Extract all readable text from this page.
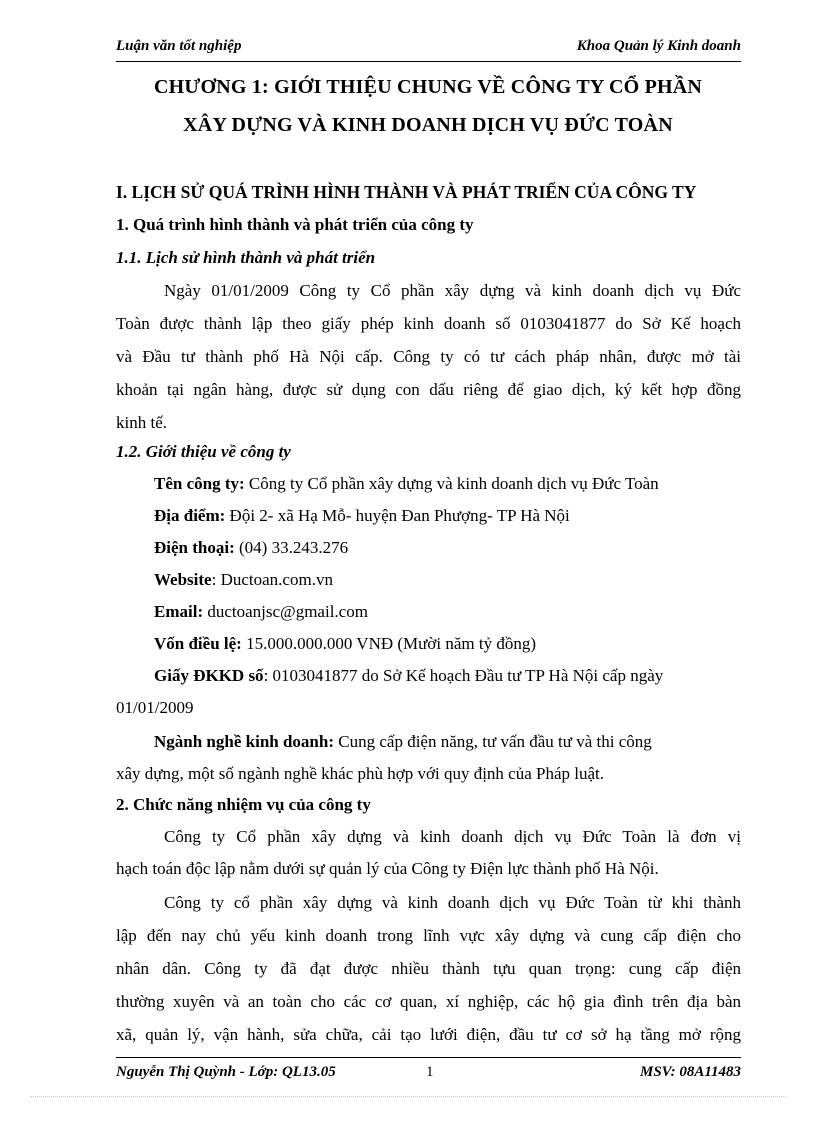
Luận văn tốt nghiệp	Khoa Quản lý Kinh doanh
CHƯƠNG 1: GIỚI THIỆU CHUNG VỀ CÔNG TY CỔ PHẦN
XÂY DỰNG VÀ KINH DOANH DỊCH VỤ ĐỨC TOÀN
I. LỊCH SỬ QUÁ TRÌNH HÌNH THÀNH VÀ PHÁT TRIỂN CỦA CÔNG TY
1. Quá trình hình thành và phát triển của công ty
1.1. Lịch sử hình thành và phát triển
Ngày 01/01/2009 Công ty Cổ phần xây dựng và kinh doanh dịch vụ Đức
Toàn được thành lập theo giấy phép kinh doanh số 0103041877 do Sở Kế hoạch
và Đầu tư thành phố Hà Nội cấp. Công ty có tư cách pháp nhân, được mở tài
khoản tại ngân hàng, được sử dụng con dấu riêng để giao dịch, ký kết hợp đồng
kinh tế.
1.2. Giới thiệu về công ty
Tên công ty: Công ty Cổ phần xây dựng và kinh doanh dịch vụ Đức Toàn
Địa điểm: Đội 2- xã Hạ Mỗ- huyện Đan Phượng- TP Hà Nội
Điện thoại: (04) 33.243.276
Website: Ductoan.com.vn
Email: ductoanjsc@gmail.com
Vốn điều lệ: 15.000.000.000 VNĐ (Mười năm tỷ đồng)
Giấy ĐKKD số: 0103041877 do Sở Kế hoạch Đầu tư TP Hà Nội cấp ngày
01/01/2009
Ngành nghề kinh doanh: Cung cấp điện năng, tư vấn đầu tư và thi công
xây dựng, một số ngành nghề khác phù hợp với quy định của Pháp luật.
2. Chức năng nhiệm vụ của công ty
Công ty Cổ phần xây dựng và kinh doanh dịch vụ Đức Toàn là đơn vị
hạch toán độc lập nằm dưới sự quản lý của Công ty Điện lực thành phố Hà Nội.
Công ty cổ phần xây dựng và kinh doanh dịch vụ Đức Toàn từ khi thành
lập đến nay chủ yếu kinh doanh trong lĩnh vực xây dựng và cung cấp điện cho
nhân dân. Công ty đã đạt được nhiều thành tựu quan trọng: cung cấp điện
thường xuyên và an toàn cho các cơ quan, xí nghiệp, các hộ gia đình trên địa bàn
xã, quản lý, vận hành, sửa chữa, cải tạo lưới điện, đầu tư cơ sở hạ tầng mở rộng
Nguyễn Thị Quỳnh - Lớp: QL13.05	1	MSV: 08A11483
